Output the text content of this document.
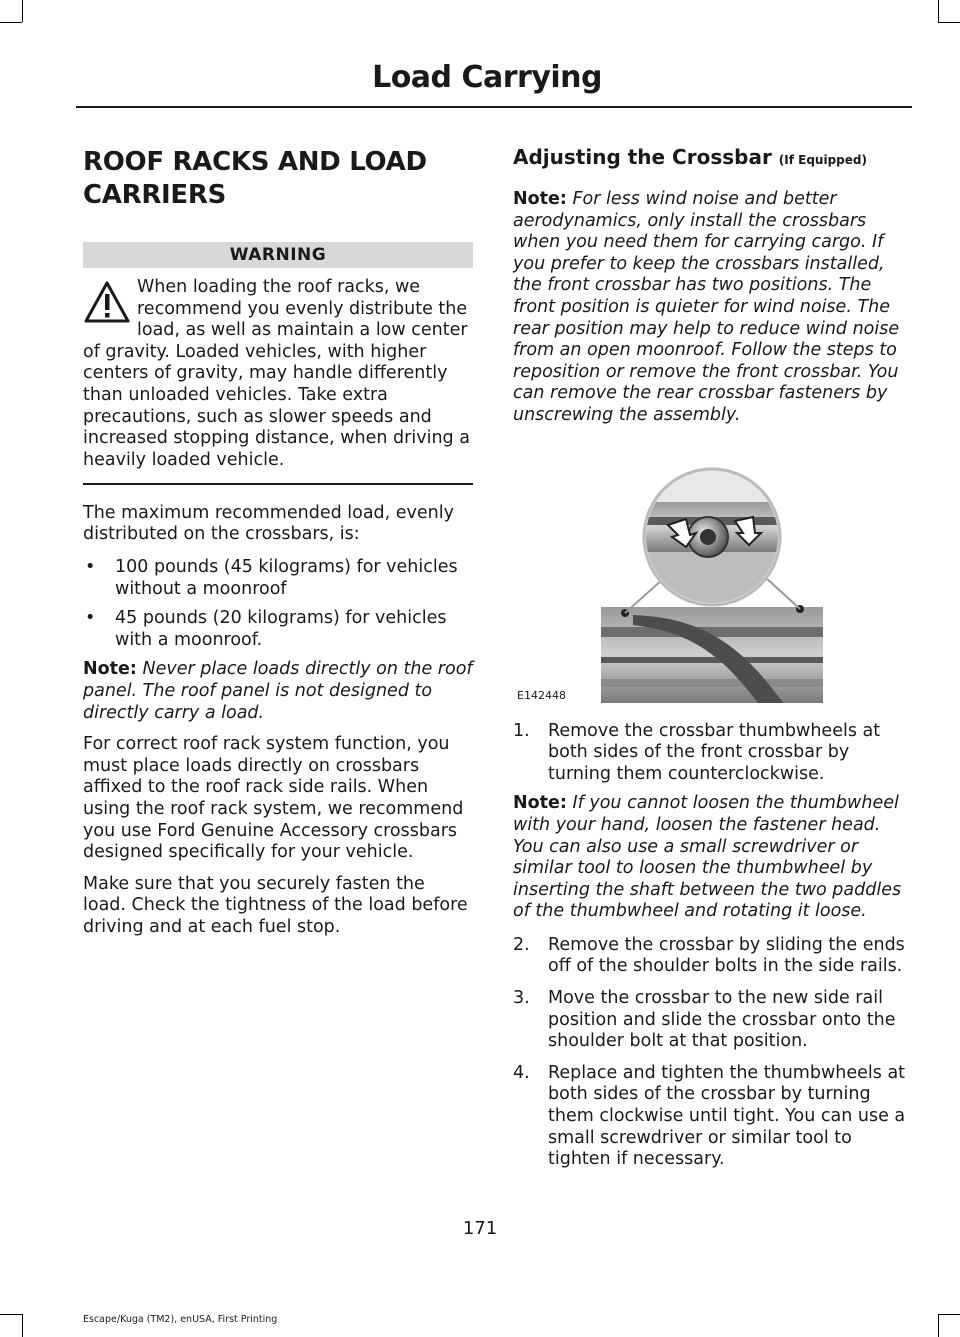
Load Carrying
ROOF RACKS AND LOAD
CARRIERS
WARNING

When loading the roof racks, we recommend you evenly distribute the load, as well as maintain a low center of gravity. Loaded vehicles, with higher centers of gravity, may handle differently than unloaded vehicles. Take extra precautions, such as slower speeds and increased stopping distance, when driving a heavily loaded vehicle.

The maximum recommended load, evenly distributed on the crossbars, is:

• 100 pounds (45 kilograms) for vehicles without a moonroof
• 45 pounds (20 kilograms) for vehicles with a moonroof.

Note: Never place loads directly on the roof panel. The roof panel is not designed to directly carry a load.

For correct roof rack system function, you must place loads directly on crossbars affixed to the roof rack side rails. When using the roof rack system, we recommend you use Ford Genuine Accessory crossbars designed specifically for your vehicle.

Make sure that you securely fasten the load. Check the tightness of the load before driving and at each fuel stop.

Adjusting the Crossbar (If Equipped)

Note: For less wind noise and better aerodynamics, only install the crossbars when you need them for carrying cargo. If you prefer to keep the crossbars installed, the front crossbar has two positions. The front position is quieter for wind noise. The rear position may help to reduce wind noise from an open moonroof. Follow the steps to reposition or remove the front crossbar. You can remove the rear crossbar fasteners by unscrewing the assembly.

E142448
1. Remove the crossbar thumbwheels at both sides of the front crossbar by turning them counterclockwise.

Note: If you cannot loosen the thumbwheel with your hand, loosen the fastener head. You can also use a small screwdriver or similar tool to loosen the thumbwheel by inserting the shaft between the two paddles of the thumbwheel and rotating it loose.

2. Remove the crossbar by sliding the ends off of the shoulder bolts in the side rails.
3. Move the crossbar to the new side rail position and slide the crossbar onto the shoulder bolt at that position.
4. Replace and tighten the thumbwheels at both sides of the crossbar by turning them clockwise until tight. You can use a small screwdriver or similar tool to tighten if necessary.
171
Escape/Kuga (TM2), enUSA, First Printing
